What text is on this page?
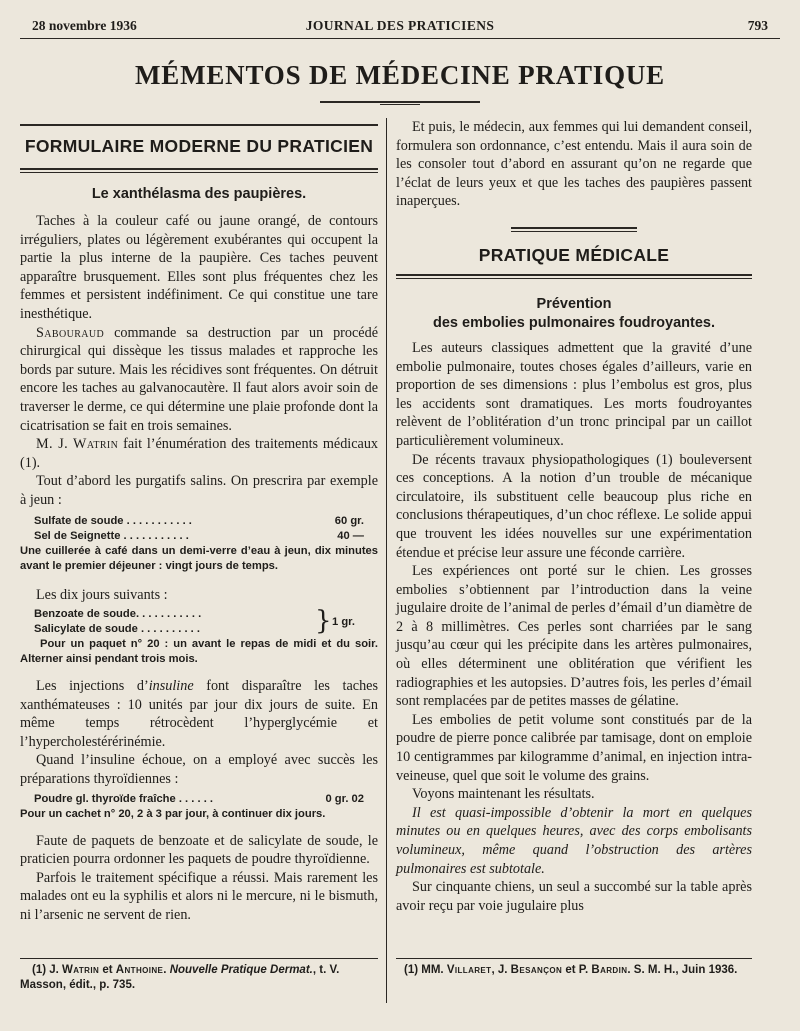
28 novembre 1936	JOURNAL DES PRATICIENS	793
MÉMENTOS DE MÉDECINE PRATIQUE
FORMULAIRE MODERNE DU PRATICIEN
Le xanthélasma des paupières.

Taches à la couleur café ou jaune orangé, de contours irréguliers, plates ou légèrement exubérantes qui occupent la partie la plus interne de la paupière. Ces taches peuvent apparaître brusquement. Elles sont plus fréquentes chez les femmes et persistent indéfiniment. Ce qui constitue une tare inesthétique.

Sabouraud commande sa destruction par un procédé chirurgical qui dissèque les tissus malades et rapproche les bords par suture. Mais les récidives sont fréquentes. On détruit encore les taches au galvanocautère. Il faut alors avoir soin de traverser le derme, ce qui détermine une plaie profonde dont la cicatrisation se fait en trois semaines.

M. J. Watrin fait l’énumération des traitements médicaux (1).

Tout d’abord les purgatifs salins. On prescrira par exemple à jeun :

Sulfate de soude . . . . . . . . . . .	60 gr.
Sel de Seignette . . . . . . . . . . .	40 —
Une cuillerée à café dans un demi-verre d’eau à jeun, dix minutes avant le premier déjeuner : vingt jours de temps.

Les dix jours suivants :

Benzoate de soude. . . . . . . . . . .
Salicylate de soude . . . . . . . . . .	} 1 gr.
Pour un paquet n° 20 : un avant le repas de midi et du soir. Alterner ainsi pendant trois mois.

Les injections d’insuline font disparaître les taches xanthémateuses : 10 unités par jour dix jours de suite. En même temps rétrocèdent l’hyperglycémie et l’hypercholestérérinémie.

Quand l’insuline échoue, on a employé avec succès les préparations thyroïdiennes :

Poudre gl. thyroïde fraîche . . . . . .	0 gr. 02
Pour un cachet n° 20, 2 à 3 par jour, à continuer dix jours.

Faute de paquets de benzoate et de salicylate de soude, le praticien pourra ordonner les paquets de poudre thyroïdienne.

Parfois le traitement spécifique a réussi. Mais rarement les malades ont eu la syphilis et alors ni le mercure, ni le bismuth, ni l’arsenic ne servent de rien.

(1) J. Watrin et Anthoine. Nouvelle Pratique Dermat., t. V. Masson, édit., p. 735.

Et puis, le médecin, aux femmes qui lui demandent conseil, formulera son ordonnance, c’est entendu. Mais il aura soin de les consoler tout d’abord en assurant qu’on ne regarde que l’éclat de leurs yeux et que les taches des paupières passent inaperçues.

PRATIQUE MÉDICALE
Prévention
des embolies pulmonaires foudroyantes.

Les auteurs classiques admettent que la gravité d’une embolie pulmonaire, toutes choses égales d’ailleurs, varie en proportion de ses dimensions : plus l’embolus est gros, plus les accidents sont dramatiques. Les morts foudroyantes relèvent de l’oblitération d’un tronc principal par un caillot particulièrement volumineux.

De récents travaux physiopathologiques (1) bouleversent ces conceptions. A la notion d’un trouble de mécanique circulatoire, ils substituent celle beaucoup plus riche en conclusions thérapeutiques, d’un choc réflexe. Le solide appui que trouvent les idées nouvelles sur une expérimentation étendue et précise leur assure une féconde carrière.

Les expériences ont porté sur le chien. Les grosses embolies s’obtiennent par l’introduction dans la veine jugulaire droite de l’animal de perles d’émail d’un diamètre de 2 à 8 millimètres. Ces perles sont charriées par le sang jusqu’au cœur qui les précipite dans les artères pulmonaires, où elles déterminent une oblitération que vérifient les radiographies et les autopsies. D’autres fois, les perles d’émail sont remplacées par de petites masses de gélatine.

Les embolies de petit volume sont constitués par de la poudre de pierre ponce calibrée par tamisage, dont on emploie 10 centigrammes par kilogramme d’animal, en injection intra-veineuse, quel que soit le volume des grains.

Voyons maintenant les résultats.

Il est quasi-impossible d’obtenir la mort en quelques minutes ou en quelques heures, avec des corps embolisants volumineux, même quand l’obstruction des artères pulmonaires est subtotale.

Sur cinquante chiens, un seul a succombé sur la table après avoir reçu par voie jugulaire plus

(1) MM. Villaret, J. Besançon et P. Bardin. S. M. H., Juin 1936.
